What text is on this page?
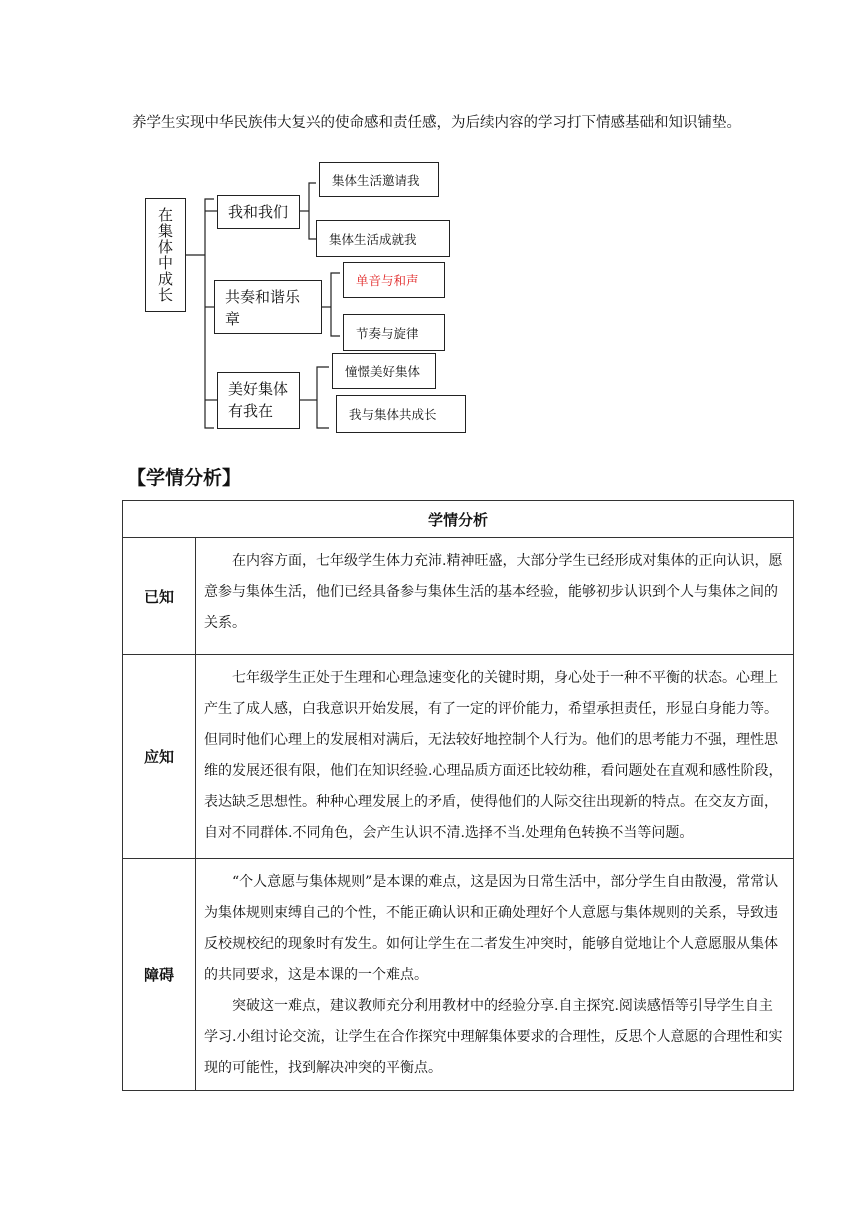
养学生实现中华民族伟大复兴的使命感和责任感，为后续内容的学习打下情感基础和知识铺垫。

在集体中成长	我和我们
共奏和谐乐章
美好集体有我在
集体生活邀请我
集体生活成就我
单音与和声
节奏与旋律
憧憬美好集体
我与集体共成长
【学情分析】
学情分析	
已知	在内容方面，七年级学生体力充沛.精神旺盛，大部分学生已经形成对集体的正向认识，愿意参与集体生活，他们已经具备参与集体生活的基本经验，能够初步认识到个人与集体之间的关系。

应知	七年级学生正处于生理和心理急速变化的关键时期，身心处于一种不平衡的状态。心理上产生了成人感，白我意识开始发展，有了一定的评价能力，希望承担责任，形显白身能力等。但同时他们心理上的发展相对满后，无法较好地控制个人行为。他们的思考能力不强，理性思维的发展还很有限，他们在知识经验.心理品质方面还比较幼稚，看问题处在直观和感性阶段，表达缺乏思想性。种种心理发展上的矛盾，使得他们的人际交往出现新的特点。在交友方面，自对不同群体.不同角色，会产生认识不清.选择不当.处理角色转换不当等问题。

障碍	“个人意愿与集体规则”是本课的难点，这是因为日常生活中，部分学生自由散漫，常常认为集体规则束缚自己的个性，不能正确认识和正确处理好个人意愿与集体规则的关系，导致违反校规校纪的现象时有发生。如何让学生在二者发生冲突时，能够自觉地让个人意愿服从集体的共同要求，这是本课的一个难点。

突破这一难点，建议教师充分利用教材中的经验分享.自主探究.阅读感悟等引导学生自主学习.小组讨论交流，让学生在合作探究中理解集体要求的合理性，反思个人意愿的合理性和实现的可能性，找到解决冲突的平衡点。
